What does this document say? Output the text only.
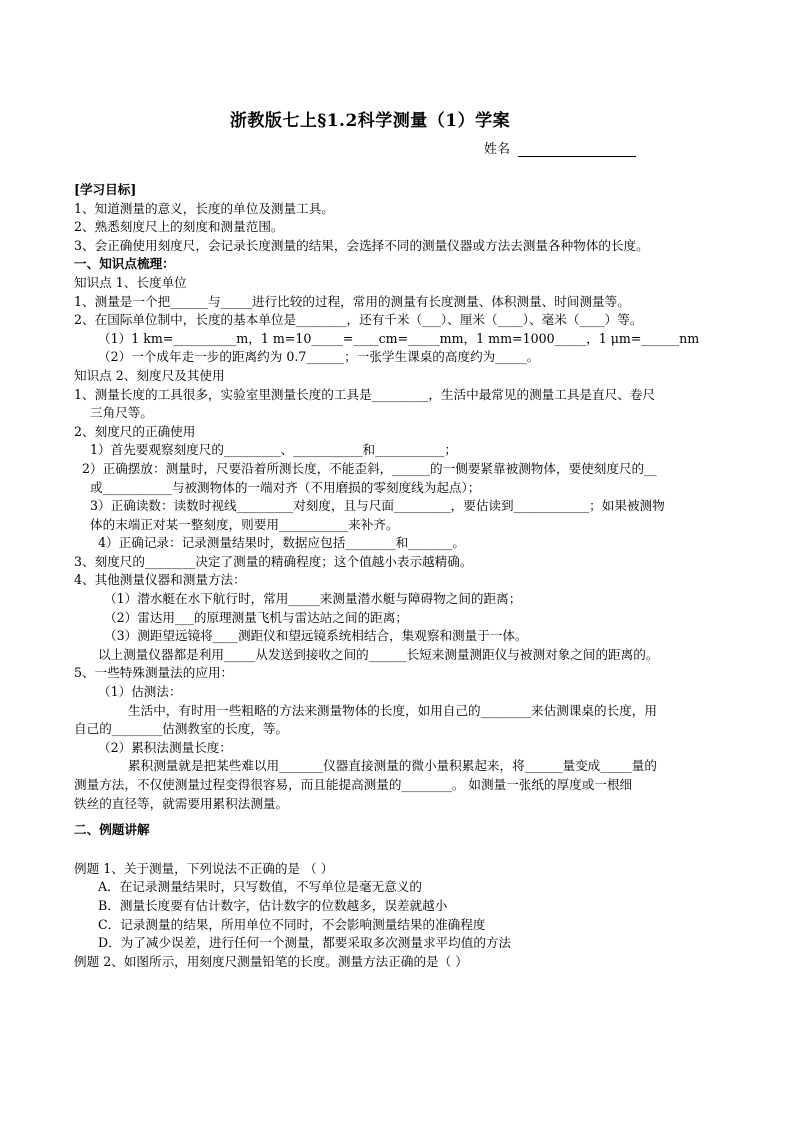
浙教版七上§1.2科学测量（1）学案
姓名
[学习目标]
1、知道测量的意义，长度的单位及测量工具。
2、熟悉刻度尺上的刻度和测量范围。
3、会正确使用刻度尺，会记录长度测量的结果，会选择不同的测量仪器或方法去测量各种物体的长度。
一、知识点梳理：
知识点 1、长度单位
1、测量是一个把______与_____进行比较的过程，常用的测量有长度测量、体积测量、时间测量等。
2、在国际单位制中，长度的基本单位是________，还有千米（___）、厘米（____）、毫米（____）等。
（1）1 km=__________m，1 m=10_____=____cm=_____mm，1 mm=1000_____，1 μm=______nm
（2）一个成年走一步的距离约为 0.7______；一张学生课桌的高度约为_____。
知识点 2、刻度尺及其使用
1、测量长度的工具很多，实验室里测量长度的工具是_________，生活中最常见的测量工具是直尺、卷尺
三角尺等。
2、刻度尺的正确使用
1）首先要观察刻度尺的_________、___________和___________；
2）正确摆放：测量时，尺要沿着所测长度，不能歪斜，______的一侧要紧靠被测物体，要使刻度尺的__
或___________与被测物体的一端对齐（不用磨损的零刻度线为起点）；
3）正确读数：读数时视线_________对刻度，且与尺面_________，要估读到____________；如果被测物
体的末端正对某一整刻度，则要用___________来补齐。
4）正确记录：记录测量结果时，数据应包括________和_______。
3、刻度尺的________决定了测量的精确程度；这个值越小表示越精确。
4、其他测量仪器和测量方法：
（1）潜水艇在水下航行时，常用_____来测量潜水艇与障碍物之间的距离；
（2）雷达用___的原理测量飞机与雷达站之间的距离；
（3）测距望远镜将____测距仪和望远镜系统相结合，集观察和测量于一体。
以上测量仪器都是利用_____从发送到接收之间的______长短来测量测距仪与被测对象之间的距离的。
5、一些特殊测量法的应用：
（1）估测法：
生活中，有时用一些粗略的方法来测量物体的长度，如用自己的________来估测课桌的长度，用
自己的________估测教室的长度，等。
（2）累积法测量长度：
累积测量就是把某些难以用_______仪器直接测量的微小量积累起来，将______量变成_____量的
测量方法，不仅使测量过程变得很容易，而且能提高测量的________。 如测量一张纸的厚度或一根细
铁丝的直径等，就需要用累积法测量。
二、例题讲解
例题 1、关于测量，下列说法不正确的是 （ ）
A．在记录测量结果时，只写数值，不写单位是毫无意义的
B．测量长度要有估计数字，估计数字的位数越多，误差就越小
C．记录测量的结果，所用单位不同时，不会影响测量结果的准确程度
D．为了减少误差，进行任何一个测量，都要采取多次测量求平均值的方法
例题 2、如图所示，用刻度尺测量铅笔的长度。测量方法正确的是（ ）
